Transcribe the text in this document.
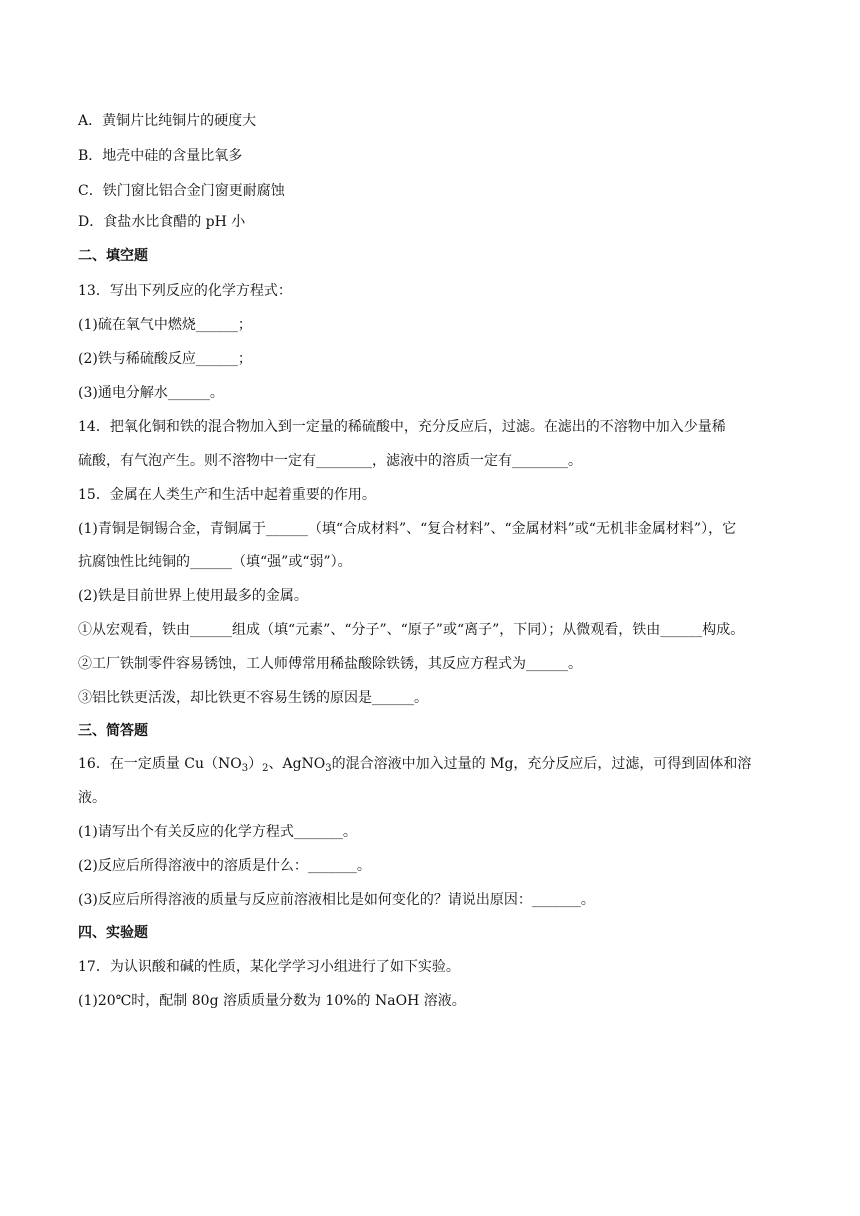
A．黄铜片比纯铜片的硬度大
B．地壳中硅的含量比氧多
C．铁门窗比铝合金门窗更耐腐蚀
D．食盐水比食醋的 pH 小
二、填空题
13．写出下列反应的化学方程式：
(1)硫在氧气中燃烧______；
(2)铁与稀硫酸反应______；
(3)通电分解水______。
14．把氧化铜和铁的混合物加入到一定量的稀硫酸中，充分反应后，过滤。在滤出的不溶物中加入少量稀
硫酸，有气泡产生。则不溶物中一定有________，滤液中的溶质一定有________。
15．金属在人类生产和生活中起着重要的作用。
(1)青铜是铜锡合金，青铜属于______（填“合成材料”、“复合材料”、“金属材料”或“无机非金属材料”），它
抗腐蚀性比纯铜的______（填“强”或“弱”）。
(2)铁是目前世界上使用最多的金属。
①从宏观看，铁由______组成（填“元素”、“分子”、“原子”或“离子”，下同）；从微观看，铁由______构成。
②工厂铁制零件容易锈蚀，工人师傅常用稀盐酸除铁锈，其反应方程式为______。
③铝比铁更活泼，却比铁更不容易生锈的原因是______。
三、简答题
16．在一定质量 $Cu(NO_3)_2$、AgNO$_3$的混合溶液中加入过量的 Mg，充分反应后，过滤，可得到固体和溶
液。
(1)请写出个有关反应的化学方程式_______。
(2)反应后所得溶液中的溶质是什么：_______。
(3)反应后所得溶液的质量与反应前溶液相比是如何变化的？请说出原因：_______。
四、实验题
17．为认识酸和碱的性质，某化学学习小组进行了如下实验。
(1)20℃时，配制 80g 溶质质量分数为 10%的 NaOH 溶液。
